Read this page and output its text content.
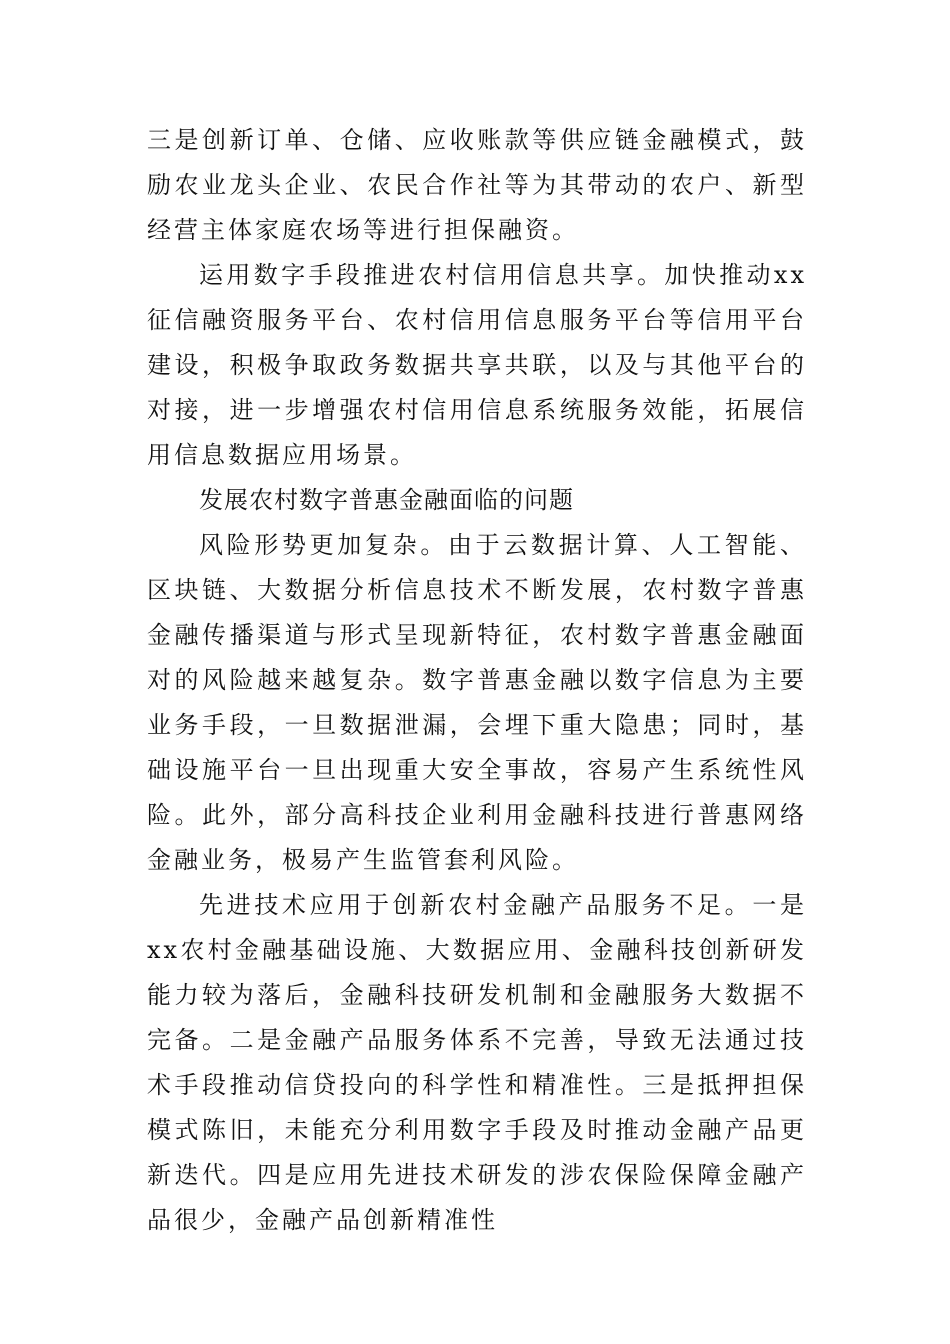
三是创新订单、仓储、应收账款等供应链金融模式，鼓励农业龙头企业、农民合作社等为其带动的农户、新型经营主体家庭农场等进行担保融资。

运用数字手段推进农村信用信息共享。加快推动xx征信融资服务平台、农村信用信息服务平台等信用平台建设，积极争取政务数据共享共联，以及与其他平台的对接，进一步增强农村信用信息系统服务效能，拓展信用信息数据应用场景。

发展农村数字普惠金融面临的问题

风险形势更加复杂。由于云数据计算、人工智能、区块链、大数据分析信息技术不断发展，农村数字普惠金融传播渠道与形式呈现新特征，农村数字普惠金融面对的风险越来越复杂。数字普惠金融以数字信息为主要业务手段，一旦数据泄漏，会埋下重大隐患；同时，基础设施平台一旦出现重大安全事故，容易产生系统性风险。此外，部分高科技企业利用金融科技进行普惠网络金融业务，极易产生监管套利风险。

先进技术应用于创新农村金融产品服务不足。一是xx农村金融基础设施、大数据应用、金融科技创新研发能力较为落后，金融科技研发机制和金融服务大数据不完备。二是金融产品服务体系不完善，导致无法通过技术手段推动信贷投向的科学性和精准性。三是抵押担保模式陈旧，未能充分利用数字手段及时推动金融产品更新迭代。四是应用先进技术研发的涉农保险保障金融产品很少，金融产品创新精准性
